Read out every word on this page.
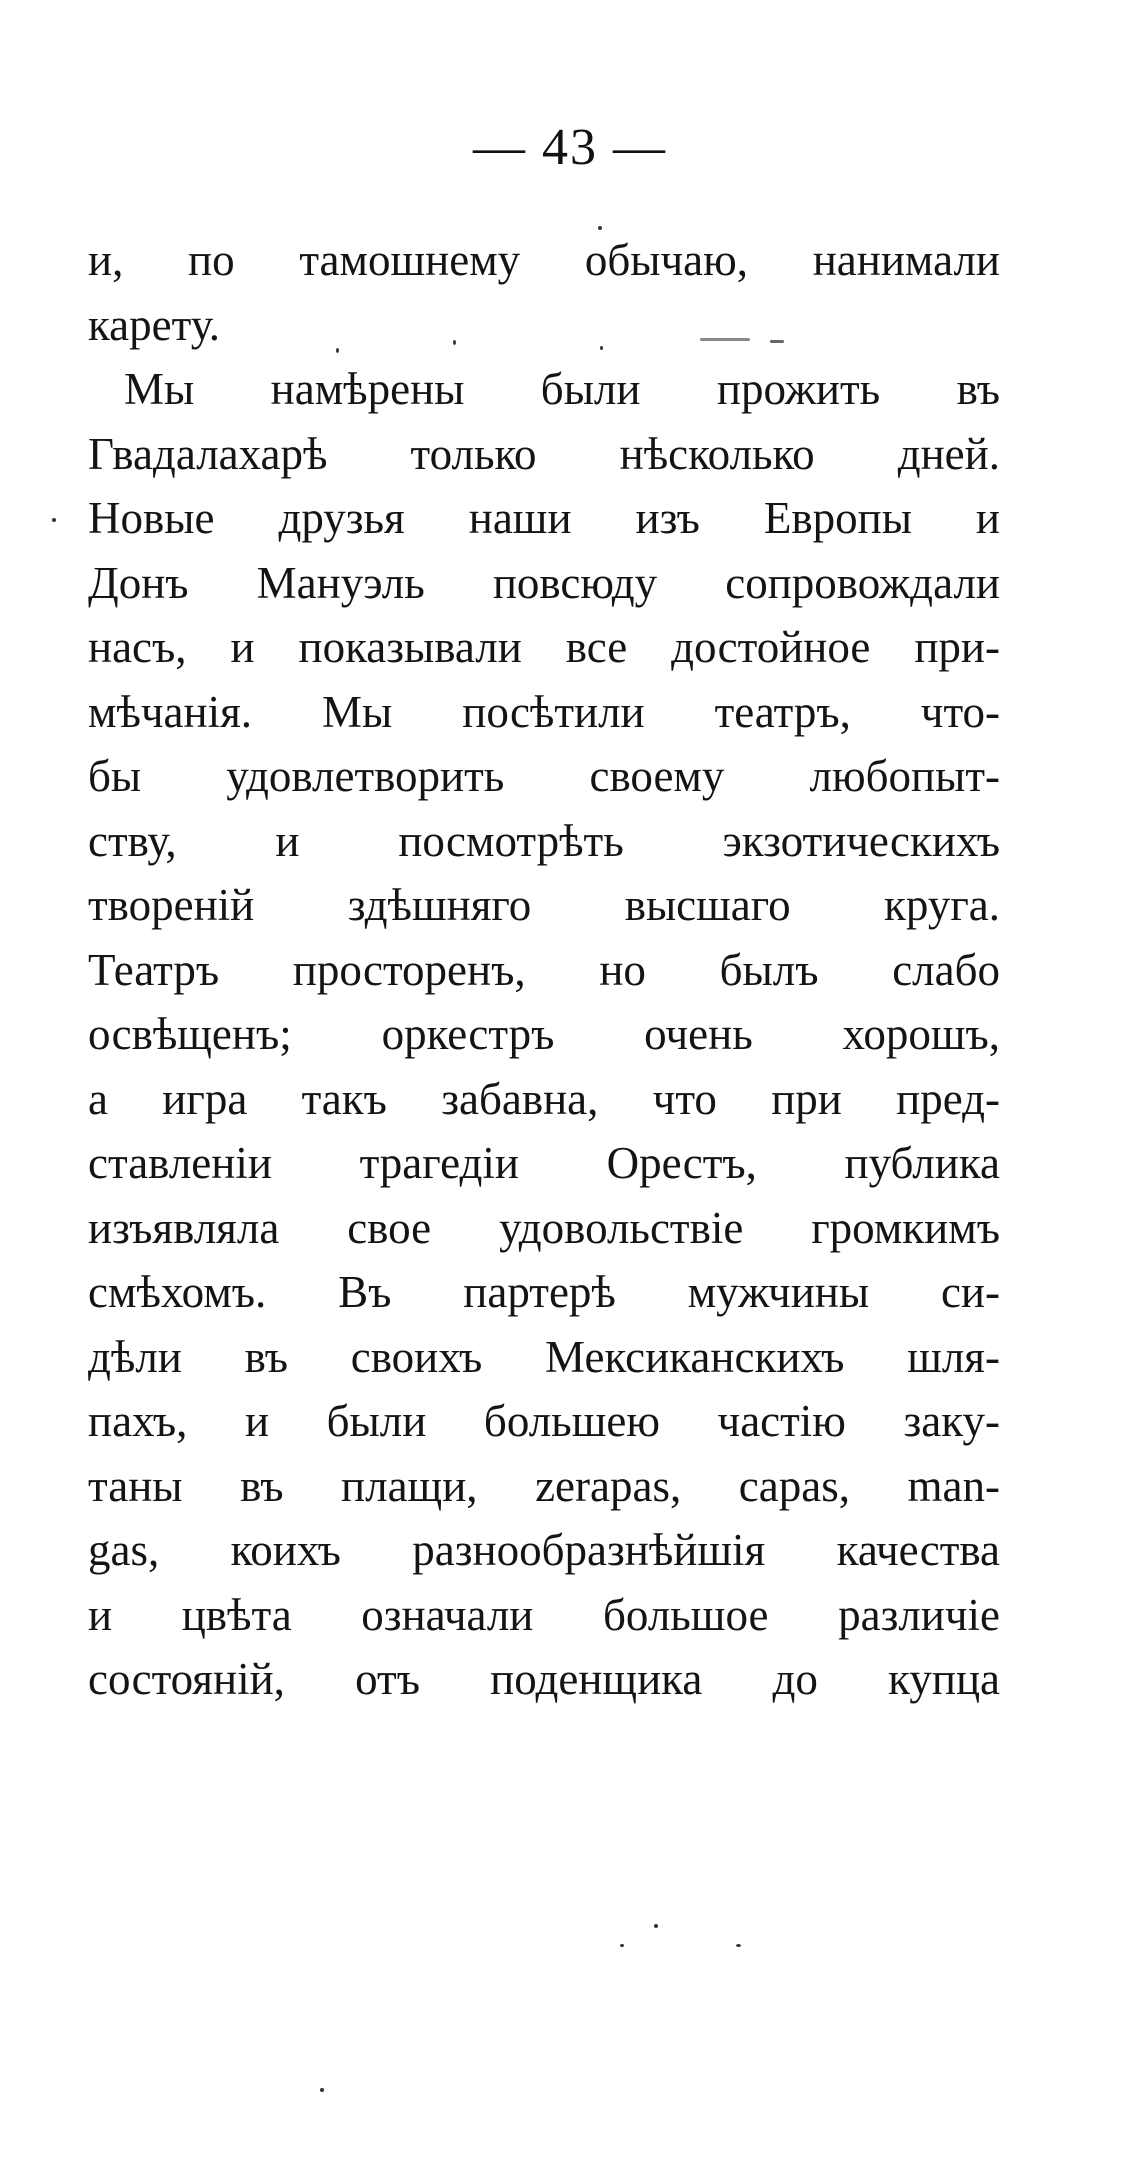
— 43 —
и, по тамошнему обычаю, нанимали
карету.
Мы намѣрены были прожить въ
Гвадалахарѣ только нѣсколько дней.
Новые друзья наши изъ Европы и
Донъ Мануэль повсюду сопровождали
насъ, и показывали все достойное при-
мѣчанія. Мы посѣтили театръ, что-
бы удовлетворить своему любопыт-
ству, и посмотрѣть экзотическихъ
твореній здѣшняго высшаго круга.
Театръ просторенъ, но былъ слабо
освѣщенъ; оркестръ очень хорошъ,
а игра такъ забавна, что при пред-
ставленіи трагедіи Орестъ, публика
изъявляла свое удовольствіе громкимъ
смѣхомъ. Въ партерѣ мужчины си-
дѣли въ своихъ Мексиканскихъ шля-
пахъ, и были большею частію заку-
таны въ плащи, zerapas, capas, man-
gas, коихъ разнообразнѣйшія качества
и цвѣта означали большое различіе
состояній, отъ поденщика до купца
